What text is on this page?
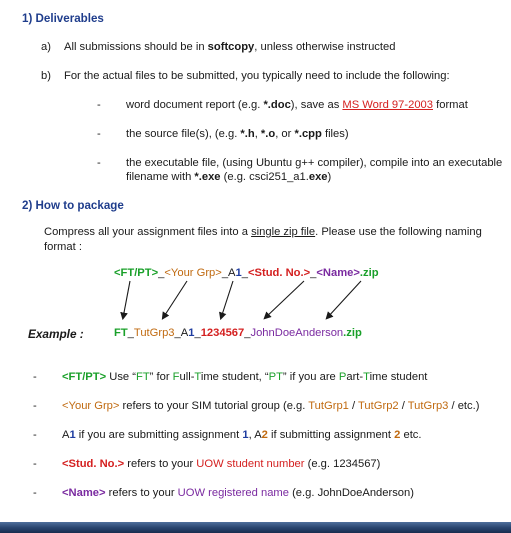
1) Deliverables
a) All submissions should be in softcopy, unless otherwise instructed
b) For the actual files to be submitted, you typically need to include the following:
- word document report (e.g. *.doc), save as MS Word 97-2003 format
- the source file(s), (e.g. *.h, *.o, or *.cpp files)
- the executable file, (using Ubuntu g++ compiler), compile into an executable
filename with *.exe (e.g. csci251_a1.exe)
2) How to package
Compress all your assignment files into a single zip file. Please use the following naming
format :
<FT/PT>_<Your Grp>_A1_<Stud. No.>_<Name>.zip
Example :	FT_TutGrp3_A1_1234567_JohnDoeAnderson.zip
- <FT/PT> Use “FT” for Full-Time student, “PT” if you are Part-Time student
- <Your Grp> refers to your SIM tutorial group (e.g. TutGrp1 / TutGrp2 / TutGrp3 / etc.)
- A1 if you are submitting assignment 1, A2 if submitting assignment 2 etc.
- <Stud. No.> refers to your UOW student number (e.g. 1234567)
- <Name> refers to your UOW registered name (e.g. JohnDoeAnderson)
